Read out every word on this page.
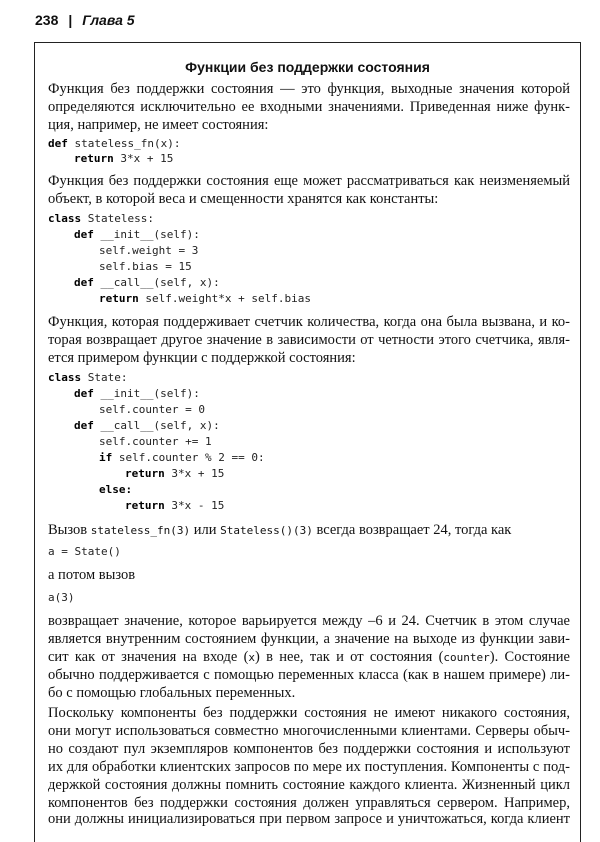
238 | Глава 5
Функции без поддержки состояния
Функция без поддержки состояния — это функция, выходные значения которой
определяются исключительно ее входными значениями. Приведенная ниже функ-
ция, например, не имеет состояния:
def stateless_fn(x):
return 3*x + 15
Функция без поддержки состояния еще может рассматриваться как неизменяемый
объект, в которой веса и смещенности хранятся как константы:
class Stateless:
def __init__(self):
self.weight = 3
self.bias = 15
def __call__(self, x):
return self.weight*x + self.bias
Функция, которая поддерживает счетчик количества, когда она была вызвана, и ко-
торая возвращает другое значение в зависимости от четности этого счетчика, явля-
ется примером функции с поддержкой состояния:
class State:
def __init__(self):
self.counter = 0
def __call__(self, x):
self.counter += 1
if self.counter % 2 == 0:
return 3*x + 15
else:
return 3*x - 15
Вызов stateless_fn(3) или Stateless()(3) всегда возвращает 24, тогда как
a = State()
а потом вызов
a(3)
возвращает значение, которое варьируется между –6 и 24. Счетчик в этом случае
является внутренним состоянием функции, а значение на выходе из функции зави-
сит как от значения на входе (x) в нее, так и от состояния (counter). Состояние
обычно поддерживается с помощью переменных класса (как в нашем примере) ли-
бо с помощью глобальных переменных.
Поскольку компоненты без поддержки состояния не имеют никакого состояния,
они могут использоваться совместно многочисленными клиентами. Серверы обыч-
но создают пул экземпляров компонентов без поддержки состояния и используют
их для обработки клиентских запросов по мере их поступления. Компоненты с под-
держкой состояния должны помнить состояние каждого клиента. Жизненный цикл
компонентов без поддержки состояния должен управляться сервером. Например,
они должны инициализироваться при первом запросе и уничтожаться, когда клиент
